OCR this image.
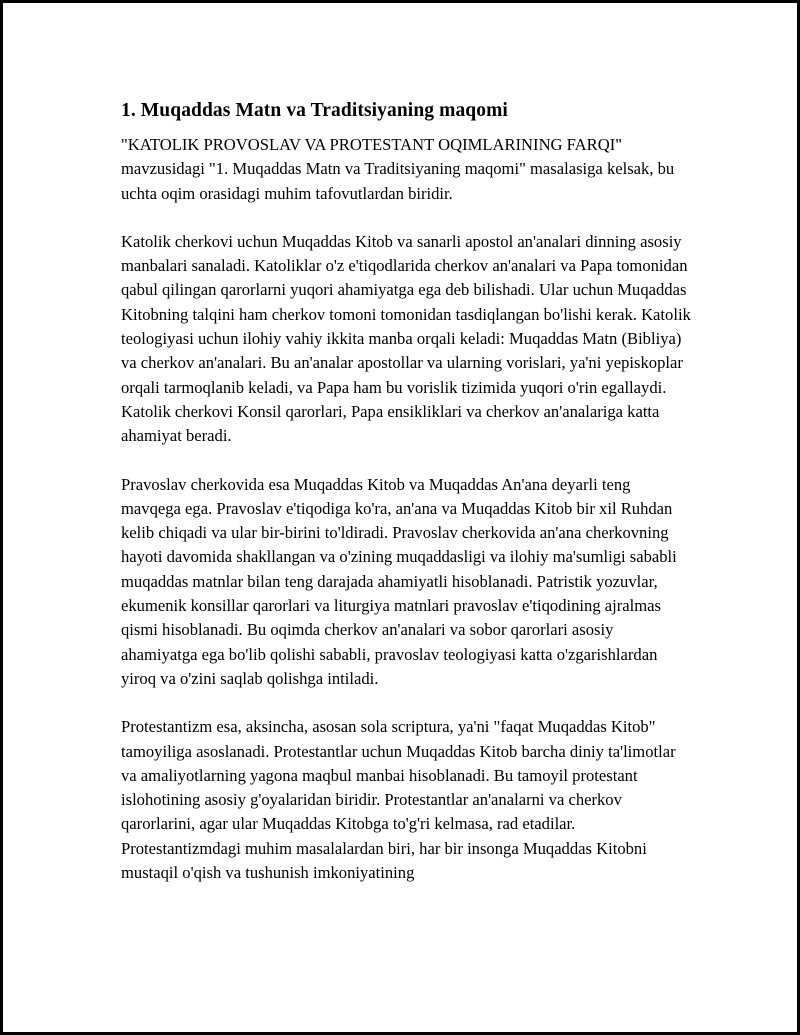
1. Muqaddas Matn va Traditsiyaning maqomi

"KATOLIK PROVOSLAV VA PROTESTANT OQIMLARINING FARQI" mavzusidagi "1. Muqaddas Matn va Traditsiyaning maqomi" masalasiga kelsak, bu uchta oqim orasidagi muhim tafovutlardan biridir.

Katolik cherkovi uchun Muqaddas Kitob va sanarli apostol an'analari dinning asosiy manbalari sanaladi. Katoliklar o'z e'tiqodlarida cherkov an'analari va Papa tomonidan qabul qilingan qarorlarni yuqori ahamiyatga ega deb bilishadi. Ular uchun Muqaddas Kitobning talqini ham cherkov tomoni tomonidan tasdiqlangan bo'lishi kerak. Katolik teologiyasi uchun ilohiy vahiy ikkita manba orqali keladi: Muqaddas Matn (Bibliya) va cherkov an'analari. Bu an'analar apostollar va ularning vorislari, ya'ni yepiskoplar orqali tarmoqlanib keladi, va Papa ham bu vorislik tizimida yuqori o'rin egallaydi. Katolik cherkovi Konsil qarorlari, Papa ensikliklari va cherkov an'analariga katta ahamiyat beradi.

Pravoslav cherkovida esa Muqaddas Kitob va Muqaddas An'ana deyarli teng mavqega ega. Pravoslav e'tiqodiga ko'ra, an'ana va Muqaddas Kitob bir xil Ruhdan kelib chiqadi va ular bir-birini to'ldiradi. Pravoslav cherkovida an'ana cherkovning hayoti davomida shakllangan va o'zining muqaddasligi va ilohiy ma'sumligi sababli muqaddas matnlar bilan teng darajada ahamiyatli hisoblanadi. Patristik yozuvlar, ekumenik konsillar qarorlari va liturgiya matnlari pravoslav e'tiqodining ajralmas qismi hisoblanadi. Bu oqimda cherkov an'analari va sobor qarorlari asosiy ahamiyatga ega bo'lib qolishi sababli, pravoslav teologiyasi katta o'zgarishlardan yiroq va o'zini saqlab qolishga intiladi.

Protestantizm esa, aksincha, asosan sola scriptura, ya'ni "faqat Muqaddas Kitob" tamoyiliga asoslanadi. Protestantlar uchun Muqaddas Kitob barcha diniy ta'limotlar va amaliyotlarning yagona maqbul manbai hisoblanadi. Bu tamoyil protestant islohotining asosiy g'oyalaridan biridir. Protestantlar an'analarni va cherkov qarorlarini, agar ular Muqaddas Kitobga to'g'ri kelmasa, rad etadilar. Protestantizmdagi muhim masalalardan biri, har bir insonga Muqaddas Kitobni mustaqil o'qish va tushunish imkoniyatining
